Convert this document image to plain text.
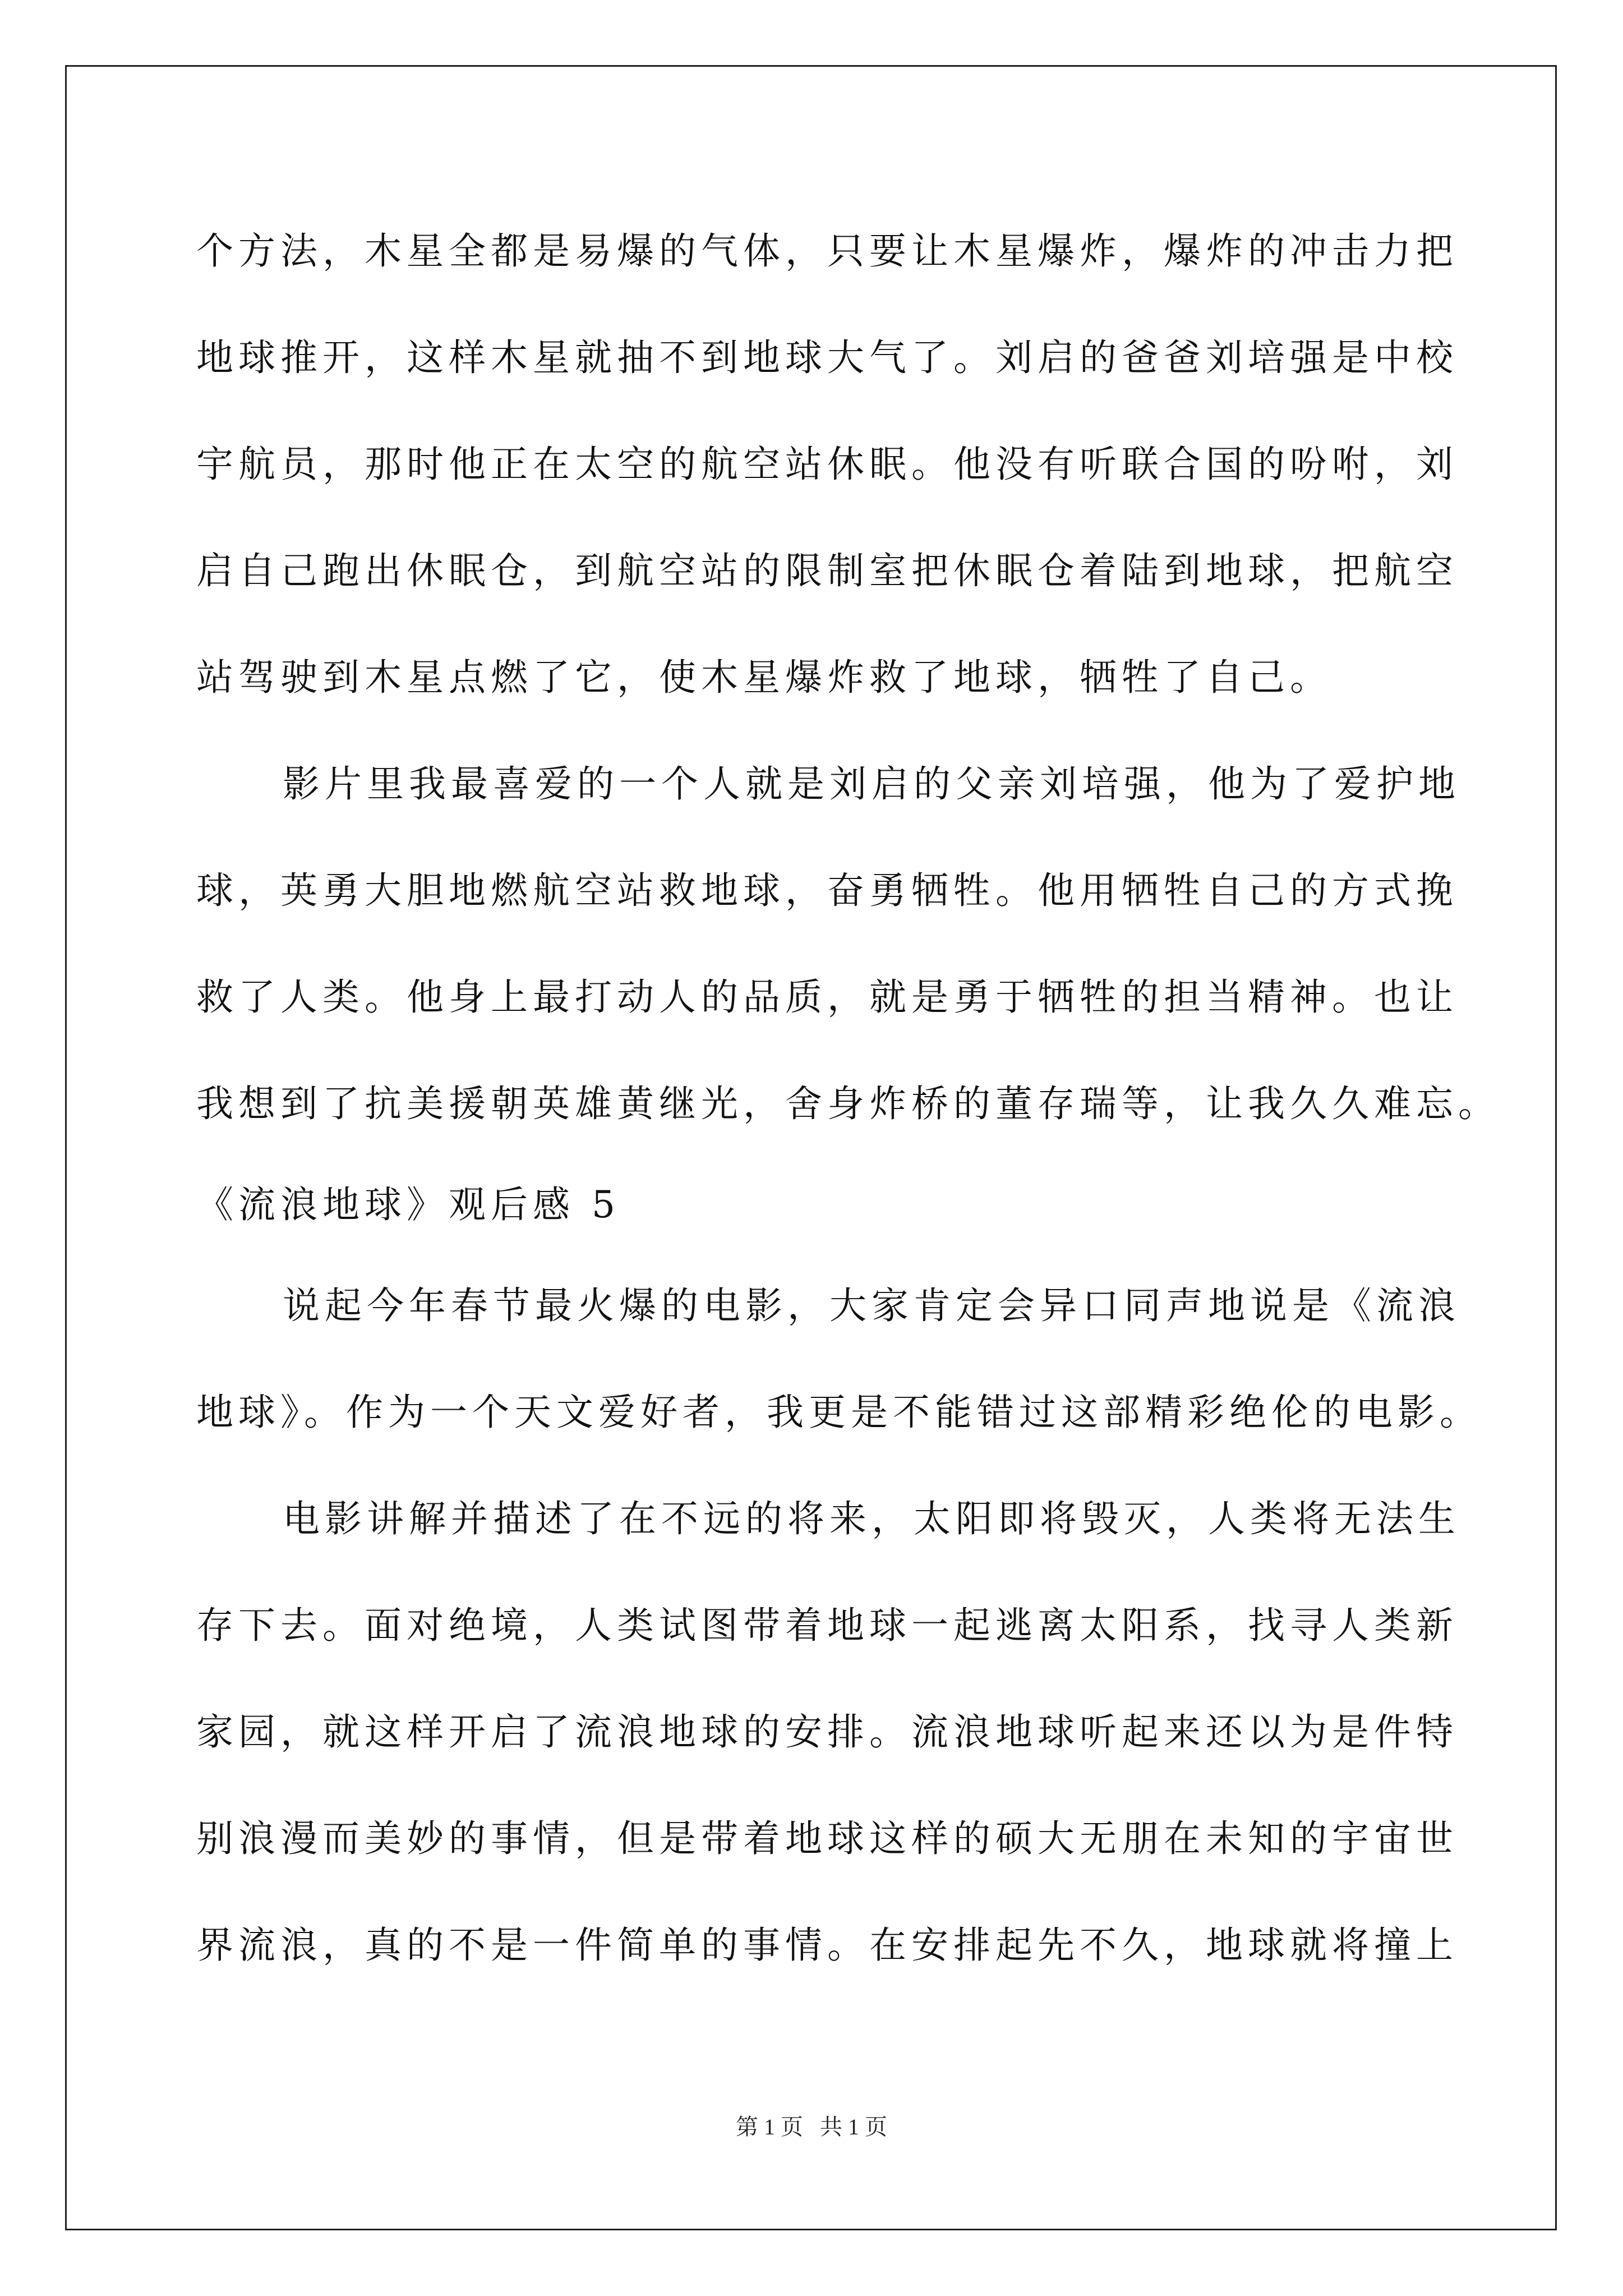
个方法，木星全都是易爆的气体，只要让木星爆炸，爆炸的冲击力把
地球推开，这样木星就抽不到地球大气了。刘启的爸爸刘培强是中校
宇航员，那时他正在太空的航空站休眠。他没有听联合国的吩咐，刘
启自己跑出休眠仓，到航空站的限制室把休眠仓着陆到地球，把航空
站驾驶到木星点燃了它，使木星爆炸救了地球，牺牲了自己。
影片里我最喜爱的一个人就是刘启的父亲刘培强，他为了爱护地
球，英勇大胆地燃航空站救地球，奋勇牺牲。他用牺牲自己的方式挽
救了人类。他身上最打动人的品质，就是勇于牺牲的担当精神。也让
我想到了抗美援朝英雄黄继光，舍身炸桥的董存瑞等，让我久久难忘。
《流浪地球》观后感 5
说起今年春节最火爆的电影，大家肯定会异口同声地说是《流浪
地球》。作为一个天文爱好者，我更是不能错过这部精彩绝伦的电影。
电影讲解并描述了在不远的将来，太阳即将毁灭，人类将无法生
存下去。面对绝境，人类试图带着地球一起逃离太阳系，找寻人类新
家园，就这样开启了流浪地球的安排。流浪地球听起来还以为是件特
别浪漫而美妙的事情，但是带着地球这样的硕大无朋在未知的宇宙世
界流浪，真的不是一件简单的事情。在安排起先不久，地球就将撞上
第 1 页   共 1 页
